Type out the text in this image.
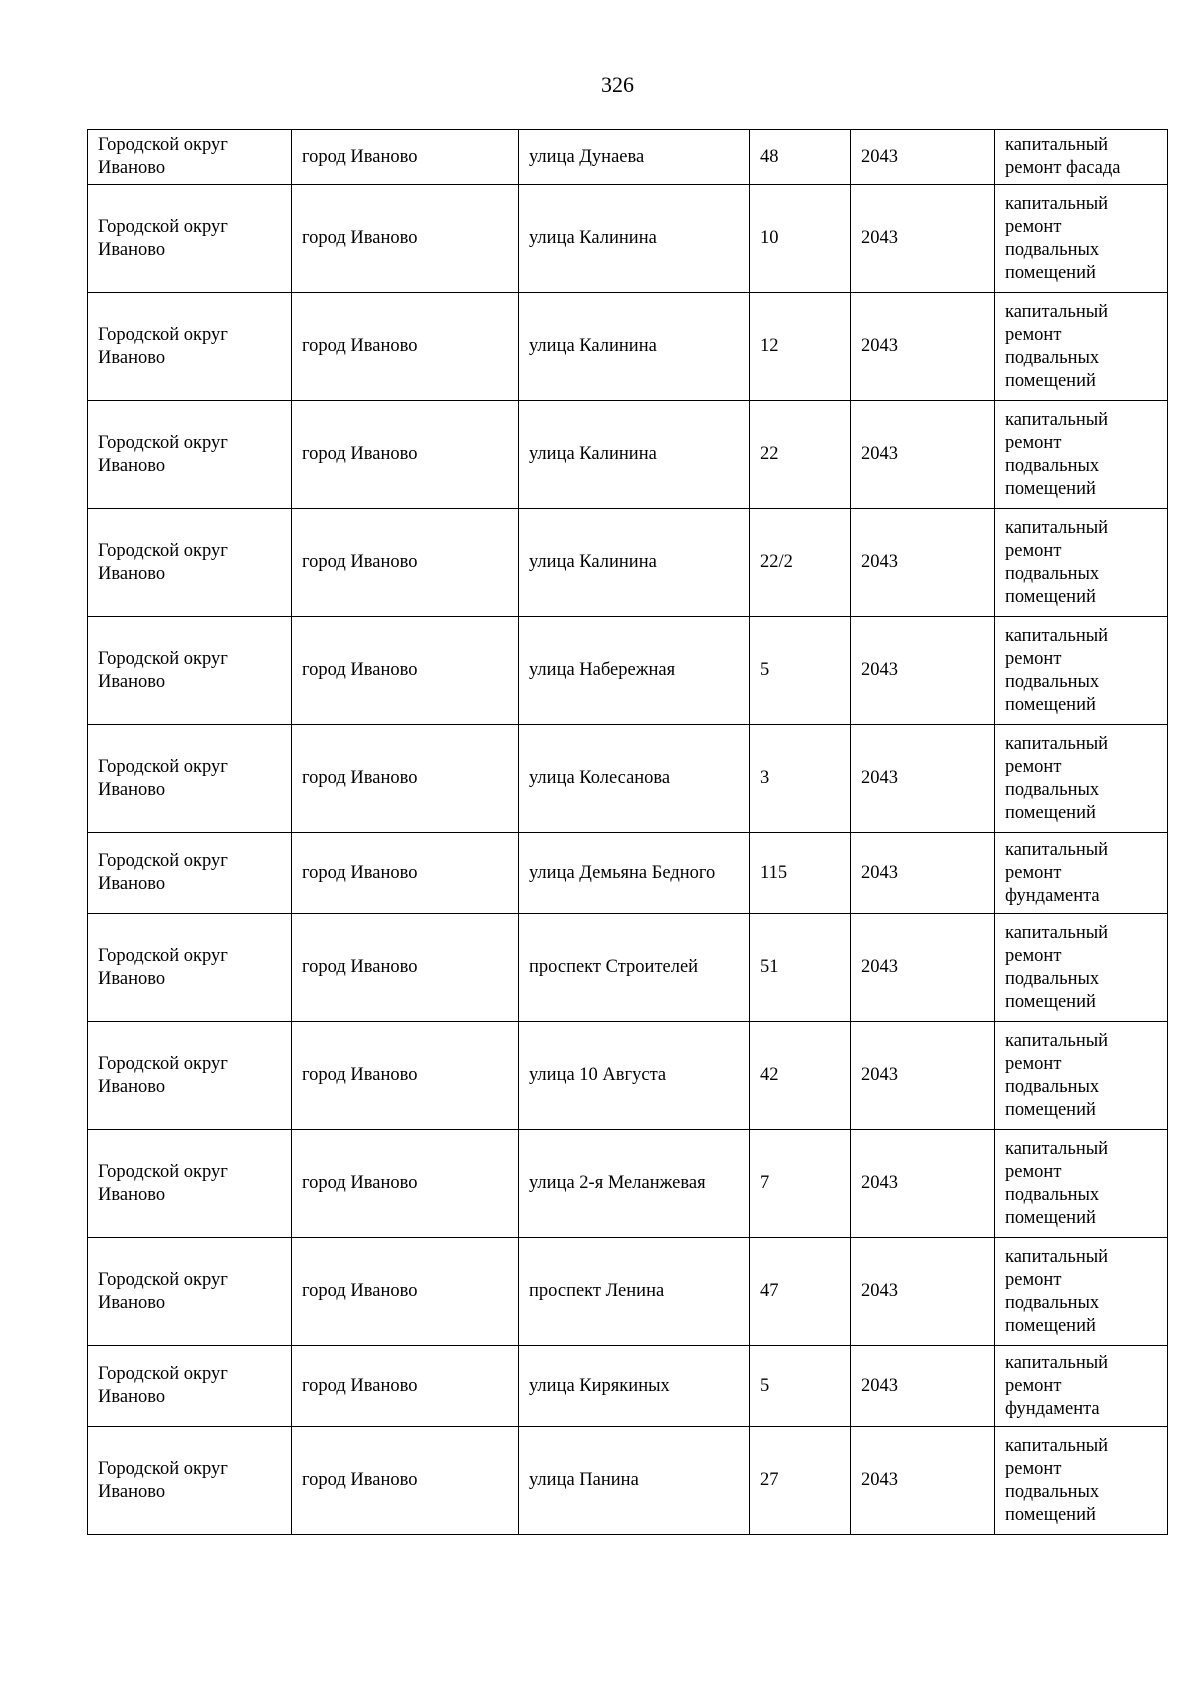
326
Городской округ Иваново	город Иваново	улица Дунаева	48	2043	капитальный ремонт фасада
Городской округ Иваново	город Иваново	улица Калинина	10	2043	капитальный ремонт подвальных помещений
Городской округ Иваново	город Иваново	улица Калинина	12	2043	капитальный ремонт подвальных помещений
Городской округ Иваново	город Иваново	улица Калинина	22	2043	капитальный ремонт подвальных помещений
Городской округ Иваново	город Иваново	улица Калинина	22/2	2043	капитальный ремонт подвальных помещений
Городской округ Иваново	город Иваново	улица Набережная	5	2043	капитальный ремонт подвальных помещений
Городской округ Иваново	город Иваново	улица Колесанова	3	2043	капитальный ремонт подвальных помещений
Городской округ Иваново	город Иваново	улица Демьяна Бедного	115	2043	капитальный ремонт фундамента
Городской округ Иваново	город Иваново	проспект Строителей	51	2043	капитальный ремонт подвальных помещений
Городской округ Иваново	город Иваново	улица 10 Августа	42	2043	капитальный ремонт подвальных помещений
Городской округ Иваново	город Иваново	улица 2-я Меланжевая	7	2043	капитальный ремонт подвальных помещений
Городской округ Иваново	город Иваново	проспект Ленина	47	2043	капитальный ремонт подвальных помещений
Городской округ Иваново	город Иваново	улица Кирякиных	5	2043	капитальный ремонт фундамента
Городской округ Иваново	город Иваново	улица Панина	27	2043	капитальный ремонт подвальных помещений
